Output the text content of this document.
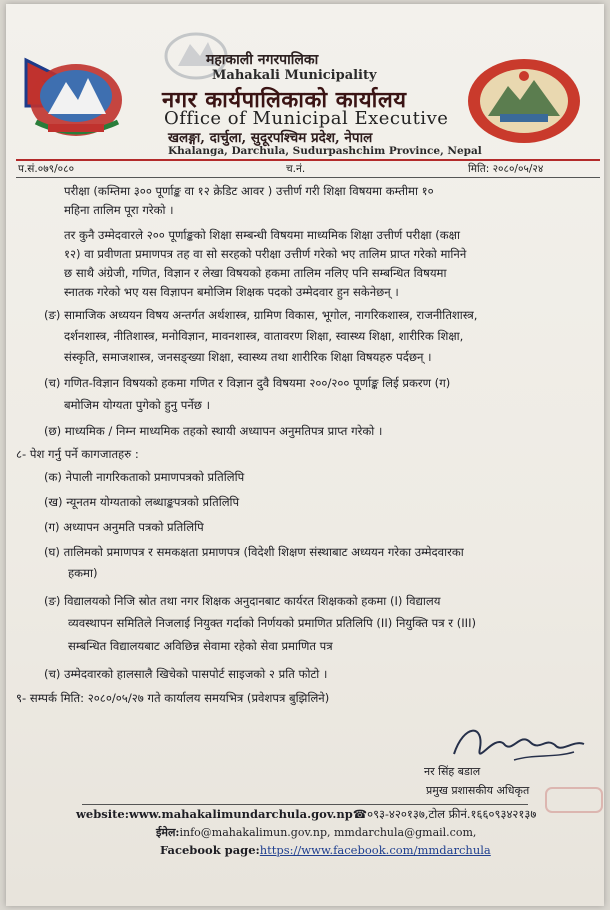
महाकाली नगरपालिका
Mahakali Municipality
नगर कार्यपालिकाको कार्यालय
Office of Municipal Executive
खलङ्गा, दार्चुला, सुदूरपश्चिम प्रदेश, नेपाल
Khalanga, Darchula, Sudurpashchim Province, Nepal
प.सं.०७९/०८०	च.नं.	मिति: २०८०/०५/२४
परीक्षा (कम्तिमा ३०० पूर्णाङ्क वा १२ क्रेडिट आवर ) उत्तीर्ण गरी शिक्षा विषयमा कम्तीमा १०
महिना तालिम पूरा गरेको ।
तर कुनै उम्मेदवारले २०० पूर्णाङ्कको शिक्षा सम्बन्धी विषयमा माध्यमिक शिक्षा उत्तीर्ण परीक्षा (कक्षा
१२) वा प्रवीणता प्रमाणपत्र तह वा सो सरहको परीक्षा उत्तीर्ण गरेको भए तालिम प्राप्त गरेको मानिने
छ साथै अंग्रेजी, गणित, विज्ञान र लेखा विषयको हकमा तालिम नलिए पनि सम्बन्धित विषयमा
स्नातक गरेको भए यस विज्ञापन बमोजिम शिक्षक पदको उम्मेदवार हुन सकेनेछन् ।
(ङ) सामाजिक अध्ययन विषय अन्तर्गत अर्थशास्त्र, ग्रामिण विकास, भूगोल, नागरिकशास्त्र, राजनीतिशास्त्र,
दर्शनशास्त्र, नीतिशास्त्र, मनोविज्ञान, मावनशास्त्र, वातावरण शिक्षा, स्वास्थ्य शिक्षा, शारीरिक शिक्षा,
संस्कृति, समाजशास्त्र, जनसङ्ख्या शिक्षा, स्वास्थ्य तथा शारीरिक शिक्षा विषयहरु पर्दछन् ।
(च) गणित-विज्ञान विषयको हकमा गणित र विज्ञान दुवै विषयमा २००/२०० पूर्णाङ्क लिई प्रकरण (ग)
बमोजिम योग्यता पुगेको हुनु पर्नेछ ।
(छ) माध्यमिक / निम्न माध्यमिक तहको स्थायी अध्यापन अनुमतिपत्र प्राप्त गरेको ।
८- पेश गर्नु पर्ने कागजातहरु :
(क) नेपाली नागरिकताको प्रमाणपत्रको प्रतिलिपि
(ख) न्यूनतम योग्यताको लब्धाङ्कपत्रको प्रतिलिपि
(ग) अध्यापन अनुमति पत्रको प्रतिलिपि
(घ) तालिमको प्रमाणपत्र र समकक्षता प्रमाणपत्र (विदेशी शिक्षण संस्थाबाट अध्ययन गरेका उम्मेदवारका
हकमा)
(ङ) विद्यालयको निजि स्रोत तथा नगर शिक्षक अनुदानबाट कार्यरत शिक्षकको हकमा (I) विद्यालय
व्यवस्थापन समितिले निजलाई नियुक्त गर्दाको निर्णयको प्रमाणित प्रतिलिपि (II) नियुक्ति पत्र र (III)
सम्बन्धित विद्यालयबाट अविछिन्न सेवामा रहेको सेवा प्रमाणित पत्र
(च) उम्मेदवारको हालसालै खिचेको पासपोर्ट साइजको २ प्रति फोटो ।
९- सम्पर्क मिति: २०८०/०५/२७ गते कार्यालय समयभित्र (प्रवेशपत्र बुझिलिने)
नर सिंह बडाल
प्रमुख प्रशासकीय अधिकृत
website:www.mahakalimundarchula.gov.np☎०९३-४२०१३७,टोल फ्रीनं.१६६०९३४२१३७
ईमेल:info@mahakalimun.gov.np, mmdarchula@gmail.com,
Facebook page:https://www.facebook.com/mmdarchula
